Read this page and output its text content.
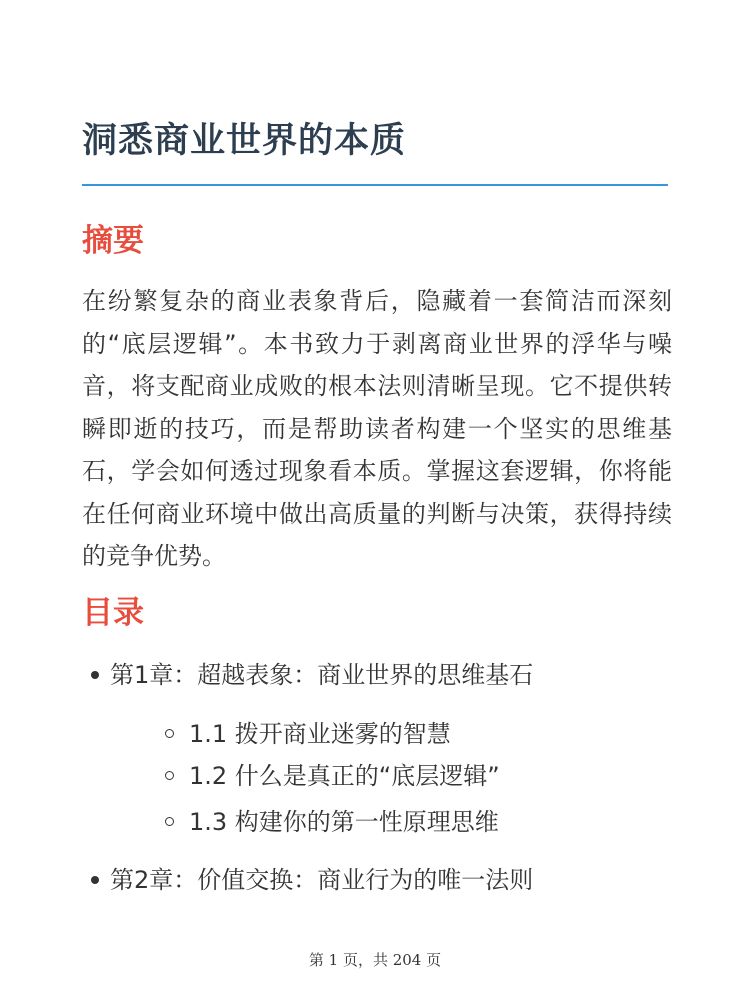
洞悉商业世界的本质
摘要

在纷繁复杂的商业表象背后，隐藏着一套简洁而深刻的“底层逻辑”。本书致力于剥离商业世界的浮华与噪音，将支配商业成败的根本法则清晰呈现。它不提供转瞬即逝的技巧，而是帮助读者构建一个坚实的思维基石，学会如何透过现象看本质。掌握这套逻辑，你将能在任何商业环境中做出高质量的判断与决策，获得持续的竞争优势。

目录
第1章：超越表象：商业世界的思维基石
1.1 拨开商业迷雾的智慧
1.2 什么是真正的“底层逻辑”
1.3 构建你的第一性原理思维
第2章：价值交换：商业行为的唯一法则
第 1 页，共 204 页
